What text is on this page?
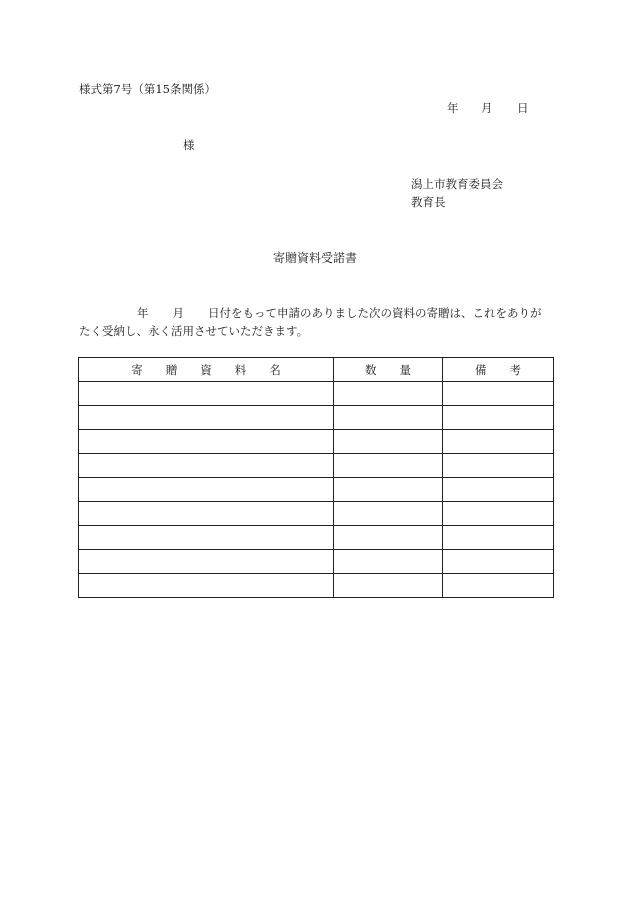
様式第7号（第15条関係）
年 月 日
様
潟上市教育委員会
教育長
寄贈資料受諾書
年 月 日付をもって申請のありました次の資料の寄贈は、これをありが
たく受納し、永く活用させていただきます。
寄　　贈　　資　　料　　名	数　　量	備　　考
